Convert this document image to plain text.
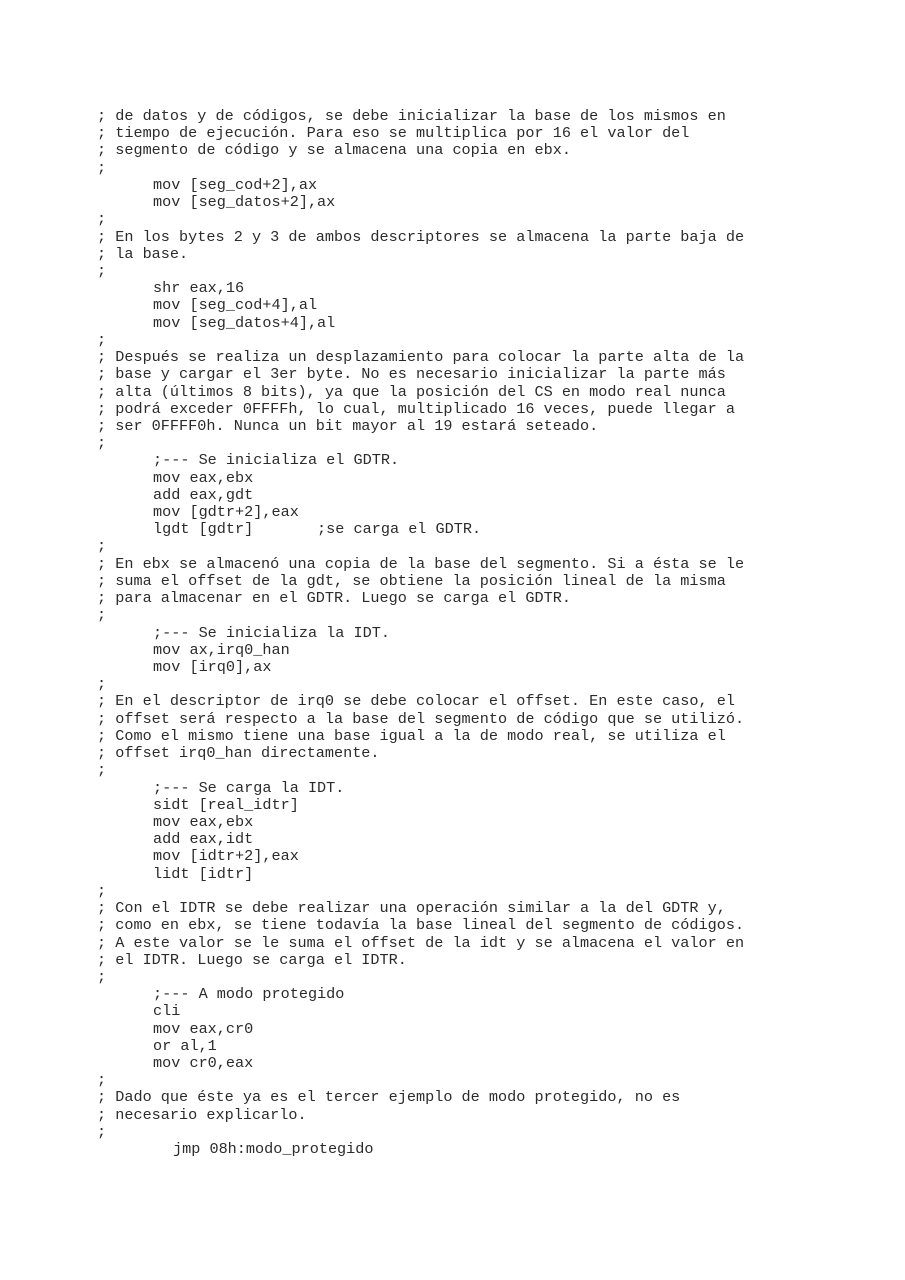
; de datos y de códigos, se debe inicializar la base de los mismos en
; tiempo de ejecución. Para eso se multiplica por 16 el valor del
; segmento de código y se almacena una copia en ebx.
;
mov [seg_cod+2],ax
mov [seg_datos+2],ax
;
; En los bytes 2 y 3 de ambos descriptores se almacena la parte baja de
; la base.
;
shr eax,16
mov [seg_cod+4],al
mov [seg_datos+4],al
;
; Después se realiza un desplazamiento para colocar la parte alta de la
; base y cargar el 3er byte. No es necesario inicializar la parte más
; alta (últimos 8 bits), ya que la posición del CS en modo real nunca
; podrá exceder 0FFFFh, lo cual, multiplicado 16 veces, puede llegar a
; ser 0FFFF0h. Nunca un bit mayor al 19 estará seteado.
;
;--- Se inicializa el GDTR.
mov eax,ebx
add eax,gdt
mov [gdtr+2],eax
lgdt [gdtr]       ;se carga el GDTR.
;
; En ebx se almacenó una copia de la base del segmento. Si a ésta se le
; suma el offset de la gdt, se obtiene la posición lineal de la misma
; para almacenar en el GDTR. Luego se carga el GDTR.
;
;--- Se inicializa la IDT.
mov ax,irq0_han
mov [irq0],ax
;
; En el descriptor de irq0 se debe colocar el offset. En este caso, el
; offset será respecto a la base del segmento de código que se utilizó.
; Como el mismo tiene una base igual a la de modo real, se utiliza el
; offset irq0_han directamente.
;
;--- Se carga la IDT.
sidt [real_idtr]
mov eax,ebx
add eax,idt
mov [idtr+2],eax
lidt [idtr]
;
; Con el IDTR se debe realizar una operación similar a la del GDTR y,
; como en ebx, se tiene todavía la base lineal del segmento de códigos.
; A este valor se le suma el offset de la idt y se almacena el valor en
; el IDTR. Luego se carga el IDTR.
;
;--- A modo protegido
cli
mov eax,cr0
or al,1
mov cr0,eax
;
; Dado que éste ya es el tercer ejemplo de modo protegido, no es
; necesario explicarlo.
;
jmp 08h:modo_protegido
